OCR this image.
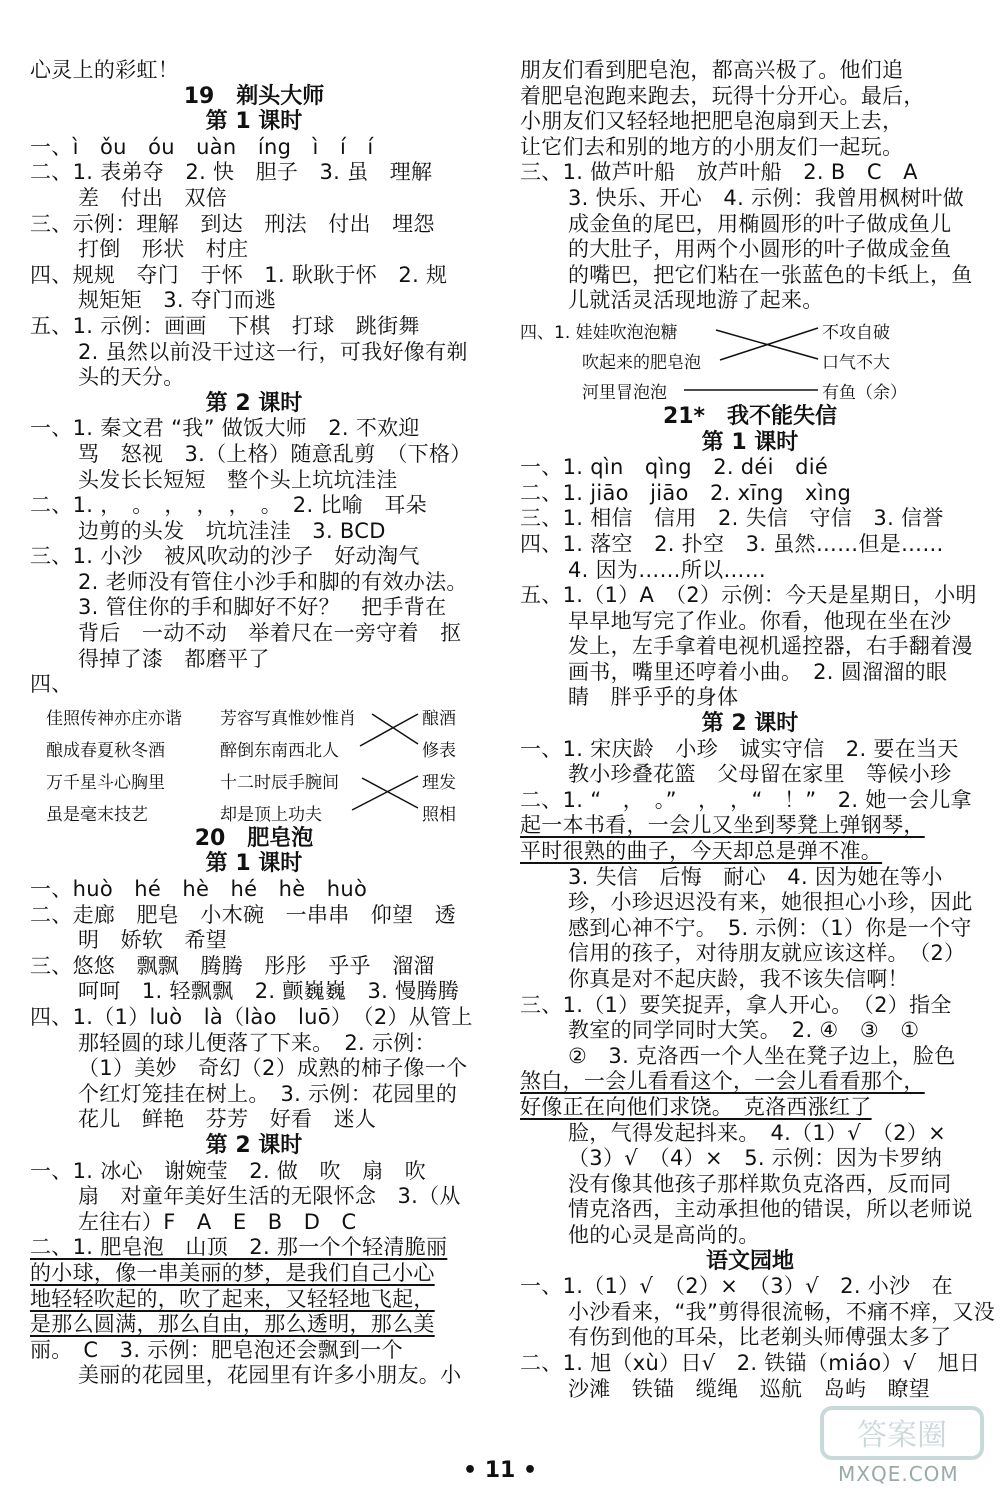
心灵上的彩虹！
19　剃头大师
第 1 课时
一、ì　ǒu　óu　uàn　íng　ì　í　í
二、1. 表弟夺　2. 快　胆子　3. 虽　理解
差　付出　双倍
三、示例：理解　到达　刑法　付出　埋怨
打倒　形状　村庄
四、规规　夺门　于怀　1. 耿耿于怀　2. 规
规矩矩　3. 夺门而逃
五、1. 示例：画画　下棋　打球　跳街舞
2. 虽然以前没干过这一行，可我好像有剃
头的天分。
第 2 课时
一、1. 秦文君 “我” 做饭大师　2. 不欢迎
骂　怒视　3.（上格）随意乱剪　（下格）
头发长长短短　整个头上坑坑洼洼
二、1. ，　。　，　，　，　。　2. 比喻　耳朵
边剪的头发　坑坑洼洼　3. BCD
三、1. 小沙　被风吹动的沙子　好动淘气
2. 老师没有管住小沙手和脚的有效办法。
3. 管住你的手和脚好不好？　把手背在
背后　一动不动　举着尺在一旁守着　抠
得掉了漆　都磨平了
四、
佳照传神亦庄亦谐 芳容写真惟妙惟肖	酿酒
酿成春夏秋冬酒	醉倒东南西北人	修表
万千星斗心胸里	十二时辰手腕间	理发
虽是毫末技艺	却是顶上功夫	照相
20　肥皂泡
第 1 课时
一、huò　hé　hè　hé　hè　huò
二、走廊　肥皂　小木碗　一串串　仰望　透
明　娇软　希望
三、悠悠　飘飘　腾腾　彤彤　乎乎　溜溜
呵呵　1. 轻飘飘　2. 颤巍巍　3. 慢腾腾
四、1.（1）luò　là（lào　luō）　（2）从管上
那轻圆的球儿便落了下来。　2. 示例：
（1）美妙　奇幻（2）成熟的柿子像一个
个红灯笼挂在树上。　3. 示例：花园里的
花儿　鲜艳　芬芳　好看　迷人
第 2 课时
一、1. 冰心　谢婉莹　2. 做　吹　扇　吹
扇　对童年美好生活的无限怀念　3.（从
左往右）F　A　E　B　D　C
二、1. 肥皂泡　山顶　2. 那一个个轻清脆丽
的小球，像一串美丽的梦，是我们自己小心
地轻轻吹起的，吹了起来，又轻轻地飞起，
是那么圆满，那么自由，那么透明，那么美
丽。　C　3. 示例：肥皂泡还会飘到一个
美丽的花园里，花园里有许多小朋友。小
朋友们看到肥皂泡，都高兴极了。他们追
着肥皂泡跑来跑去，玩得十分开心。最后，
小朋友们又轻轻地把肥皂泡扇到天上去，
让它们去和别的地方的小朋友们一起玩。
三、1. 做芦叶船　放芦叶船　2. B　C　A
3. 快乐、开心　4. 示例：我曾用枫树叶做
成金鱼的尾巴，用椭圆形的叶子做成鱼儿
的大肚子，用两个小圆形的叶子做成金鱼
的嘴巴，把它们粘在一张蓝色的卡纸上，鱼
儿就活灵活现地游了起来。
四、1. 娃娃吹泡泡糖	不攻自破
吹起来的肥皂泡	口气不大
河里冒泡泡	有鱼（余）
21*　我不能失信
第 1 课时
一、1. qìn　qìng　2. déi　dié
二、1. jiāo　jiāo　2. xīng　xìng
三、1. 相信　信用　2. 失信　守信　3. 信誉
四、1. 落空　2. 扑空　3. 虽然……但是……
4. 因为……所以……
五、1.（1）A　（2）示例：今天是星期日，小明
早早地写完了作业。你看，他现在坐在沙
发上，左手拿着电视机遥控器，右手翻着漫
画书，嘴里还哼着小曲。　2. 圆溜溜的眼
睛　胖乎乎的身体
第 2 课时
一、1. 宋庆龄　小珍　诚实守信　2. 要在当天
教小珍叠花篮　父母留在家里　等候小珍
二、1. “　，　。”　，　，“　！”　2. 她一会儿拿
起一本书看，一会儿又坐到琴凳上弹钢琴，
平时很熟的曲子，今天却总是弹不准。
3. 失信　后悔　耐心　4. 因为她在等小
珍，小珍迟迟没有来，她很担心小珍，因此
感到心神不宁。　5. 示例：（1）你是一个守
信用的孩子，对待朋友就应该这样。　（2）
你真是对不起庆龄，我不该失信啊！
三、1.（1）要笑捉弄，拿人开心。　（2）指全
教室的同学同时大笑。　2. ④　③　①
②　3. 克洛西一个人坐在凳子边上，脸色
煞白，一会儿看看这个，一会儿看看那个，
好像正在向他们求饶。　克洛西涨红了
脸，气得发起抖来。　4.（1）√　（2）×
（3）√　（4）×　5. 示例：因为卡罗纳
没有像其他孩子那样欺负克洛西，反而同
情克洛西，主动承担他的错误，所以老师说
他的心灵是高尚的。
语文园地
一、1.（1）√　（2）×　（3）√　2. 小沙　在
小沙看来，“我”剪得很流畅，不痛不痒，又没
有伤到他的耳朵，比老剃头师傅强太多了
二、1. 旭（xù）日√　2. 铁锚（miáo）√　旭日
沙滩　铁锚　缆绳　巡航　岛屿　瞭望
• 11 •
答案圈
MXQE.COM
